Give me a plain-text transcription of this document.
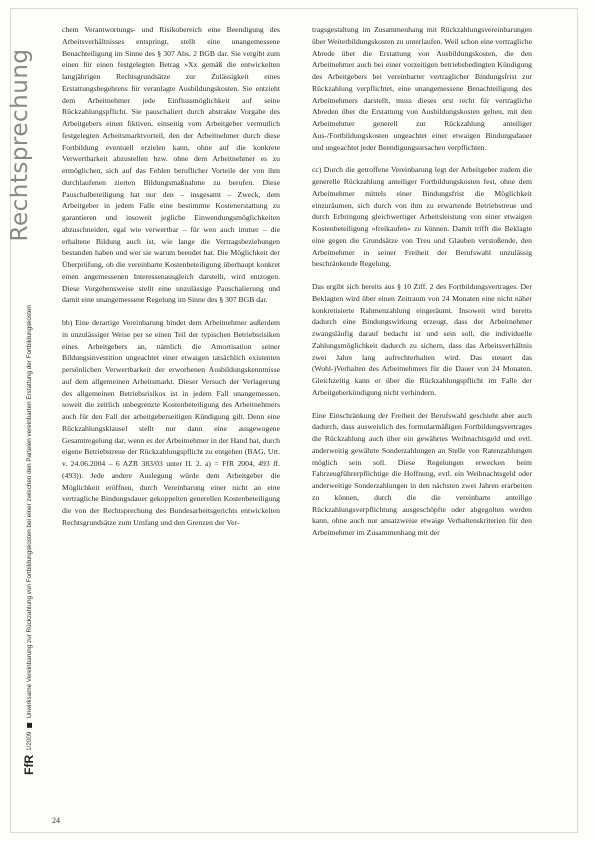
Rechtsprechung
FfR
1/2009
Unwirksame Vereinbarung zur Rückzahlung von Fortbildungskosten bei einer zwischen den Parteien vereinbarten Erstattung der Fortbildungskosten

chem Verantwortungs- und Risikobereich eine Beendigung des Arbeitsverhältnisses entspringt, stellt eine unangemessene Benachteiligung im Sinne des § 307 Abs. 2 BGB dar. Sie vergibt zum einen für einen festgelegten Betrag »Xx gemäß die entwickelten langjährigen Rechtsgrundsätze zur Zulässigkeit eines Erstattungsbegehrens für veranlagte Ausbildungskosten. Sie entzieht dem Arbeitnehmer jede Einflussmöglichkeit auf seine Rückzahlungspflicht. Sie pauschaliert durch abstrakte Vorgabe des Arbeitgebers einen fiktiven, einseitig vom Arbeitgeber vermutlich festgelegten Arbeitsmarktvorteil, den der Arbeitnehmer durch diese Fortbildung eventuell erzielen kann, ohne auf die konkrete Verwertbarkeit abzustellen bzw. ohne dem Arbeitnehmer es zu ermöglichen, sich auf das Fehlen beruflicher Vorteile der von ihm durchlaufenen zierten Bildungsmaßnahme zu berufen. Diese Pauschalbeteiligung hat nur den – insgesamt – Zweck, dem Arbeitgeber in jedem Falle eine bestimmte Kostenerstattung zu garantieren und insoweit jegliche Einwendungsmöglichkeiten abzuschneiden, egal wie verwertbar – für wen auch immer – die erhaltene Bildung auch ist, wie lange die Vertragsbeziehungen bestanden haben und wer sie warum beendet hat. Die Möglichkeit der Überprüfung, ob die vereinbarte Kostenbeteiligung überhaupt konkret einen angemessenen Interessenausgleich darstellt, wird entzogen. Diese Vorgehensweise stellt eine unzulässige Pauschalierung und damit eine unangemessene Regelung im Sinne des § 307 BGB dar.

bb) Eine derartige Vereinbarung bindet dem Arbeitnehmer außerdem in unzulässiger Weise per se einen Teil der typischen Betriebsrisiken eines Arbeitgebers an, nämlich die Amortisation seiner Bildungsinvestition ungeachtet einer etwaigen tatsächlich existenten persönlichen Verwertbarkeit der erworbenen Ausbildungskenntnisse auf dem allgemeinen Arbeitsmarkt. Dieser Versuch der Verlagerung des allgemeinen Betriebsrisikos ist in jedem Fall unangemessen, soweit die zeitlich unbegrenzte Kostenbeteiligung des Arbeitnehmers auch für den Fall der arbeitgeberseitigen Kündigung gilt. Denn eine Rückzahlungsklausel stellt nur dann eine ausgewogene Gesamtregelung dar, wenn es der Arbeitnehmer in der Hand hat, durch eigene Betriebstreue der Rückzahlungspflicht zu entgehen (BAG, Urt. v. 24.06.2004 – 6 AZR 383/03 unter II. 2. a) = FfR 2004, 493 ff. (493)). Jede andere Auslegung würde dem Arbeitgeber die Möglichkeit eröffnen, durch Vereinbarung einer nicht an eine vertragliche Bindungsdauer gekoppelten generellen Kostenbeteiligung die von der Rechtsprechung des Bundesarbeitsgerichts entwickelten Rechtsgrundsätze zum Umfang und den Grenzen der Ver-

tragsgestaltung im Zusammenhang mit Rückzahlungsvereinbarungen über Weiterbildungskosten zu unterlaufen. Weil schon eine vertragliche Abrede über die Erstattung von Ausbildungskosten, die den Arbeitnehmer auch bei einer vorzeitigen betriebsbedingten Kündigung des Arbeitgebers bei vereinbarter vertraglicher Bindungsfrist zur Rückzahlung verpflichtet, eine unangemessene Benachteiligung des Arbeitnehmers darstellt, muss dieses erst recht für vertragliche Abreden über die Erstattung von Ausbildungskosten gelten, mit den Arbeitnehmer generell zur Rückzahlung anteiliger Aus-/Fortbildungskosten ungeachtet einer etwaigen Bindungsdauer und ungeachtet jeder Beendigungsursachen verpflichten.

cc) Durch die getroffene Vereinbarung legt der Arbeitgeber zudem die generelle Rückzahlung anteiliger Fortbildungskosten fest, ohne dem Arbeitnehmer mittels einer Bindungsfrist die Möglichkeit einzuräumen, sich durch von ihm zu erwartende Betriebstreue und durch Erbringung gleichwertiger Arbeitsleistung von einer etwaigen Kostenbeteiligung »freikaufen« zu können. Damit trifft die Beklagte eine gegen die Grundsätze von Treu und Glauben verstoßende, den Arbeitnehmer in seiner Freiheit der Berufswahl unzulässig beschränkende Regelung.

Das ergibt sich bereits aus § 10 Ziff. 2 des Fortbildungsvertrages. Der Beklagten wird über einen Zeitraum von 24 Monaten eine nicht näher konkretisierte Rahmenzahlung eingeräumt. Insoweit wird bereits dadurch eine Bindungswirkung erzeugt, dass der Arbeitnehmer zwangsläufig darauf bedacht ist und sein soll, die individuelle Zahlungsmöglichkeit dadurch zu sichern, dass das Arbeitsverhältnis zwei Jahre lang aufrechterhalten wird. Das steuert das (Wohl-)Verhalten des Arbeitnehmers für die Dauer von 24 Monaten. Gleichzeitig kann er über die Rückzahlungspflicht im Falle der Arbeitgeberkündigung nicht verhindern.

Eine Einschränkung der Freiheit der Berufswahl geschieht aber auch dadurch, dass ausweislich des formularmäßigen Fortbildungsvertrages die Rückzahlung auch über ein gewährtes Weihnachtsgeld und evtl. anderweitig gewährte Sonderzahlungen an Stelle von Ratenzahlungen möglich sein soll. Diese Regelungen erwecken beim Fahrzeugführerpflichtige die Hoffnung, evtl. ein Weihnachtsgeld oder anderweitige Sonderzahlungen in den nächsten zwei Jahren erarbeiten zu können, durch die die vereinbarte anteilige Rückzahlungsverpflichtung ausgeschöpfte oder abgegolten werden kann, ohne auch nur ansatzweise etwaige Verhaltenskriterien für den Arbeitnehmer im Zusammenhang mit der

24
